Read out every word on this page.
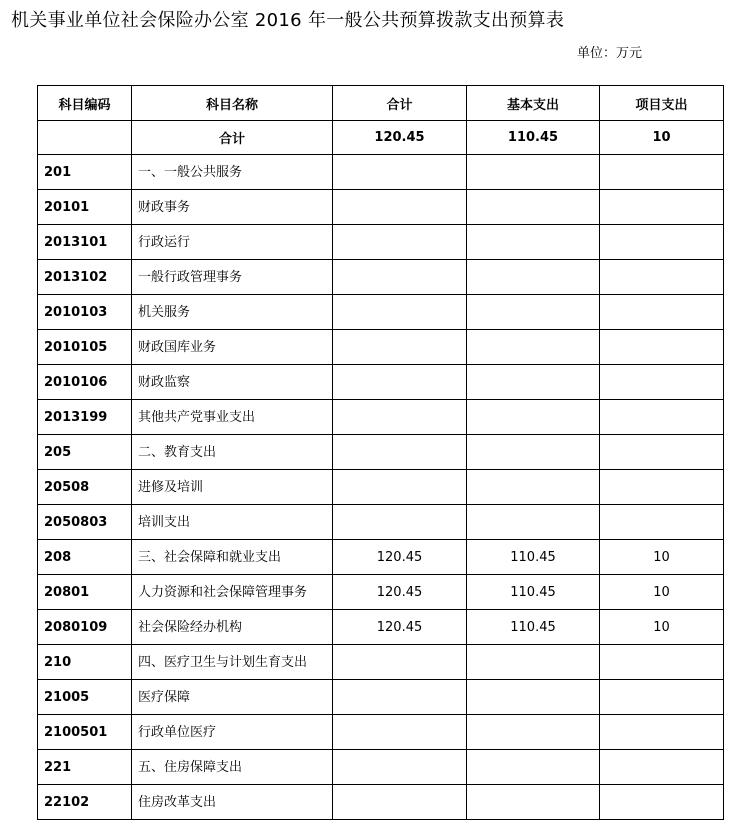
机关事业单位社会保险办公室 2016 年一般公共预算拨款支出预算表
单位：万元
科目编码	科目名称	合计	基本支出	项目支出
	合计	120.45	110.45	10
201	一、一般公共服务			
20101	财政事务			
2013101	行政运行			
2013102	一般行政管理事务			
2010103	机关服务			
2010105	财政国库业务			
2010106	财政监察			
2013199	其他共产党事业支出			
205	二、教育支出			
20508	进修及培训			
2050803	培训支出			
208	三、社会保障和就业支出	120.45	110.45	10
20801	人力资源和社会保障管理事务	120.45	110.45	10
2080109	社会保险经办机构	120.45	110.45	10
210	四、医疗卫生与计划生育支出			
21005	医疗保障			
2100501	行政单位医疗			
221	五、住房保障支出			
22102	住房改革支出			
